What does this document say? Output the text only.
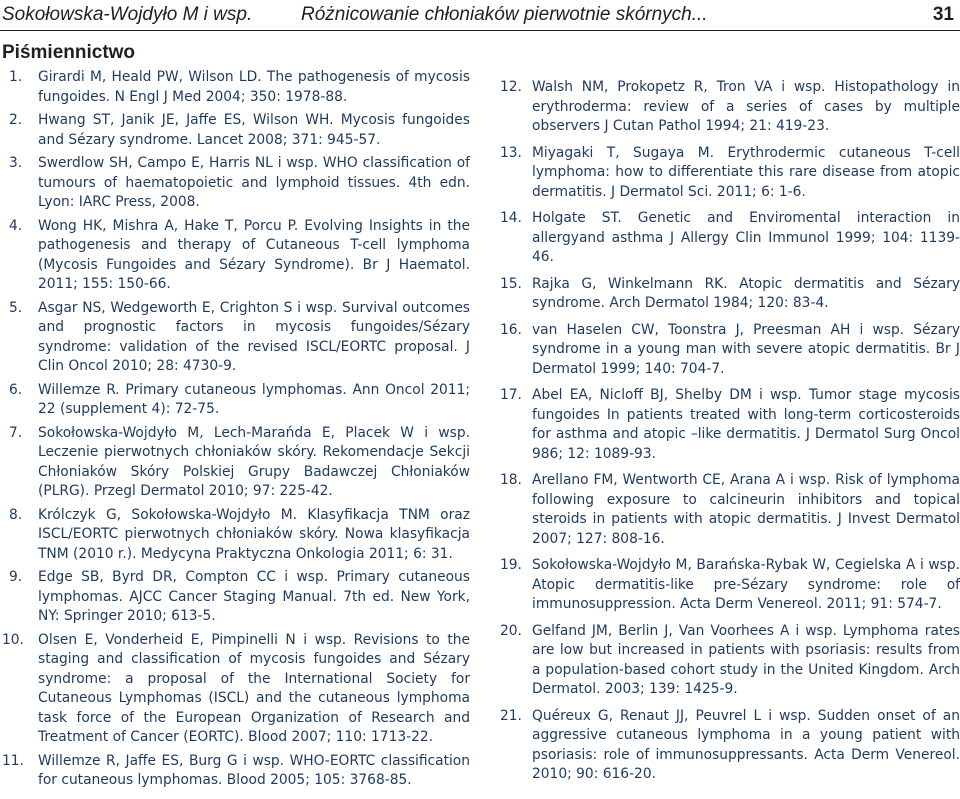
Sokołowska-Wojdyło M i wsp.	Różnicowanie chłoniaków pierwotnie skórnych...	31
Piśmiennictwo
1. Girardi M, Heald PW, Wilson LD. The pathogenesis of mycosis fungoides. N Engl J Med 2004; 350: 1978-88.
2. Hwang ST, Janik JE, Jaffe ES, Wilson WH. Mycosis fungoides and Sézary syndrome. Lancet 2008; 371: 945-57.
3. Swerdlow SH, Campo E, Harris NL i wsp. WHO classification of tumours of haematopoietic and lymphoid tissues. 4th edn. Lyon: IARC Press, 2008.
4. Wong HK, Mishra A, Hake T, Porcu P. Evolving Insights in the pathogenesis and therapy of Cutaneous T-cell lymphoma (Mycosis Fungoides and Sézary Syndrome). Br J Haematol. 2011; 155: 150-66.
5. Asgar NS, Wedgeworth E, Crighton S i wsp. Survival outcomes and prognostic factors in mycosis fungoides/Sézary syndrome: validation of the revised ISCL/EORTC proposal. J Clin Oncol 2010; 28: 4730-9.
6. Willemze R. Primary cutaneous lymphomas. Ann Oncol 2011; 22 (supplement 4): 72-75.
7. Sokołowska-Wojdyło M, Lech-Marańda E, Placek W i wsp. Leczenie pierwotnych chłoniaków skóry. Rekomendacje Sekcji Chłoniaków Skóry Polskiej Grupy Badawczej Chłoniaków (PLRG). Przegl Dermatol 2010; 97: 225-42.
8. Królczyk G, Sokołowska-Wojdyło M. Klasyfikacja TNM oraz ISCL/EORTC pierwotnych chłoniaków skóry. Nowa klasyfikacja TNM (2010 r.). Medycyna Praktyczna Onkologia 2011; 6: 31.
9. Edge SB, Byrd DR, Compton CC i wsp. Primary cutaneous lymphomas. AJCC Cancer Staging Manual. 7th ed. New York, NY: Springer 2010; 613-5.
10. Olsen E, Vonderheid E, Pimpinelli N i wsp. Revisions to the staging and classification of mycosis fungoides and Sézary syndrome: a proposal of the International Society for Cutaneous Lymphomas (ISCL) and the cutaneous lymphoma task force of the European Organization of Research and Treatment of Cancer (EORTC). Blood 2007; 110: 1713-22.
11. Willemze R, Jaffe ES, Burg G i wsp. WHO-EORTC classification for cutaneous lymphomas. Blood 2005; 105: 3768-85.
12. Walsh NM, Prokopetz R, Tron VA i wsp. Histopathology in erythroderma: review of a series of cases by multiple observers J Cutan Pathol 1994; 21: 419-23.
13. Miyagaki T, Sugaya M. Erythrodermic cutaneous T-cell lymphoma: how to differentiate this rare disease from atopic dermatitis. J Dermatol Sci. 2011; 6: 1-6.
14. Holgate ST. Genetic and Enviromental interaction in allergyand asthma J Allergy Clin Immunol 1999; 104: 1139-46.
15. Rajka G, Winkelmann RK. Atopic dermatitis and Sézary syndrome. Arch Dermatol 1984; 120: 83-4.
16. van Haselen CW, Toonstra J, Preesman AH i wsp. Sézary syndrome in a young man with severe atopic dermatitis. Br J Dermatol 1999; 140: 704-7.
17. Abel EA, Nicloff BJ, Shelby DM i wsp. Tumor stage mycosis fungoides In patients treated with long-term corticosteroids for asthma and atopic –like dermatitis. J Dermatol Surg Oncol 986; 12: 1089-93.
18. Arellano FM, Wentworth CE, Arana A i wsp. Risk of lymphoma following exposure to calcineurin inhibitors and topical steroids in patients with atopic dermatitis. J Invest Dermatol 2007; 127: 808-16.
19. Sokołowska-Wojdyło M, Barańska-Rybak W, Cegielska A i wsp. Atopic dermatitis-like pre-Sézary syndrome: role of immunosuppression. Acta Derm Venereol. 2011; 91: 574-7.
20. Gelfand JM, Berlin J, Van Voorhees A i wsp. Lymphoma rates are low but increased in patients with psoriasis: results from a population-based cohort study in the United Kingdom. Arch Dermatol. 2003; 139: 1425-9.
21. Quéreux G, Renaut JJ, Peuvrel L i wsp. Sudden onset of an aggressive cutaneous lymphoma in a young patient with psoriasis: role of immunosuppressants. Acta Derm Venereol. 2010; 90: 616-20.
